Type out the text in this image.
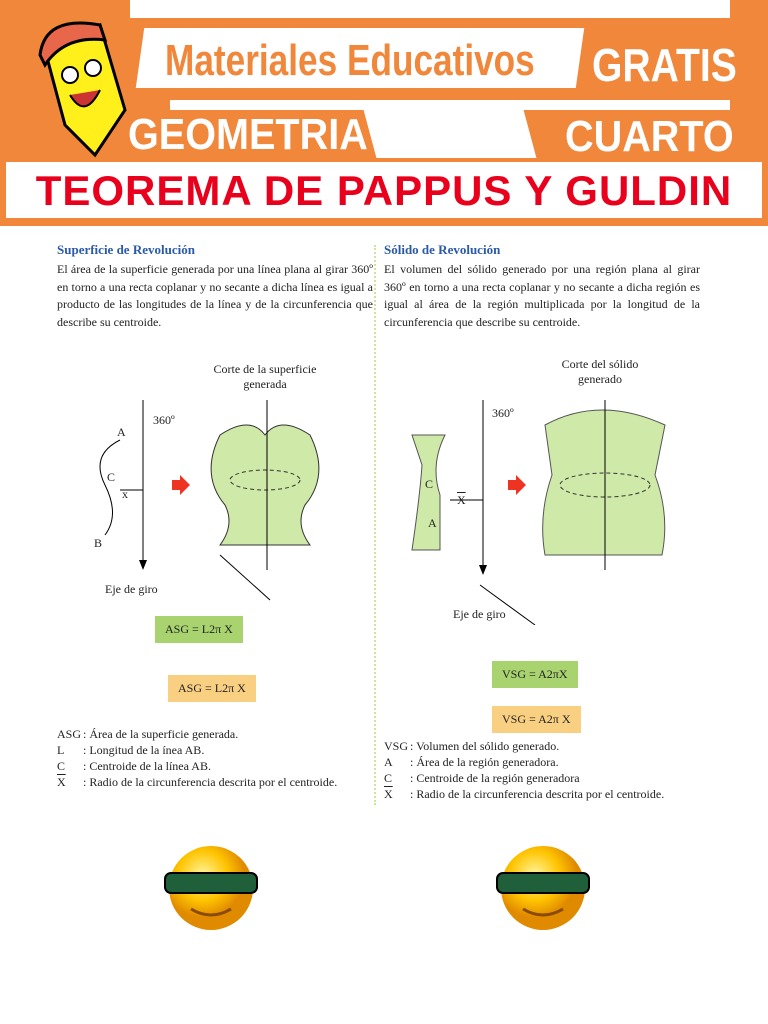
Materiales Educativos GRATIS
GEOMETRIA	CUARTO
TEOREMA DE PAPPUS Y GULDIN
Superficie de Revolución
El área de la superficie generada por una línea plana al girar 360º en torno a una recta coplanar y no secante a dicha línea es igual a producto de las longitudes de la línea y de la circunferencia que describe su centroide.
Sólido de Revolución
El volumen del sólido generado por una región plana al girar 360º en torno a una recta coplanar y no secante a dicha región es igual al área de la región multiplicada por la longitud de la circunferencia que describe su centroide.
Corte de la superficie generada
360º
A
C
x
B
Eje de giro
ASG = L2π X
ASG = L2π X
ASG : Área de la superficie generada.
L	: Longitud de la ínea AB.
C	: Centroide de la línea AB.
$\overline{X}$	: Radio de la circunferencia descrita por el centroide.
Corte del sólido generado
360º
C
$\overline{X}$
A
Eje de giro
VSG = A2πX
VSG = A2π X
VSG : Volumen del sólido generado.
A	: Área de la región generadora.
C	: Centroide de la región generadora
$\overline{X}$	: Radio de la circunferencia descrita por el centroide.
